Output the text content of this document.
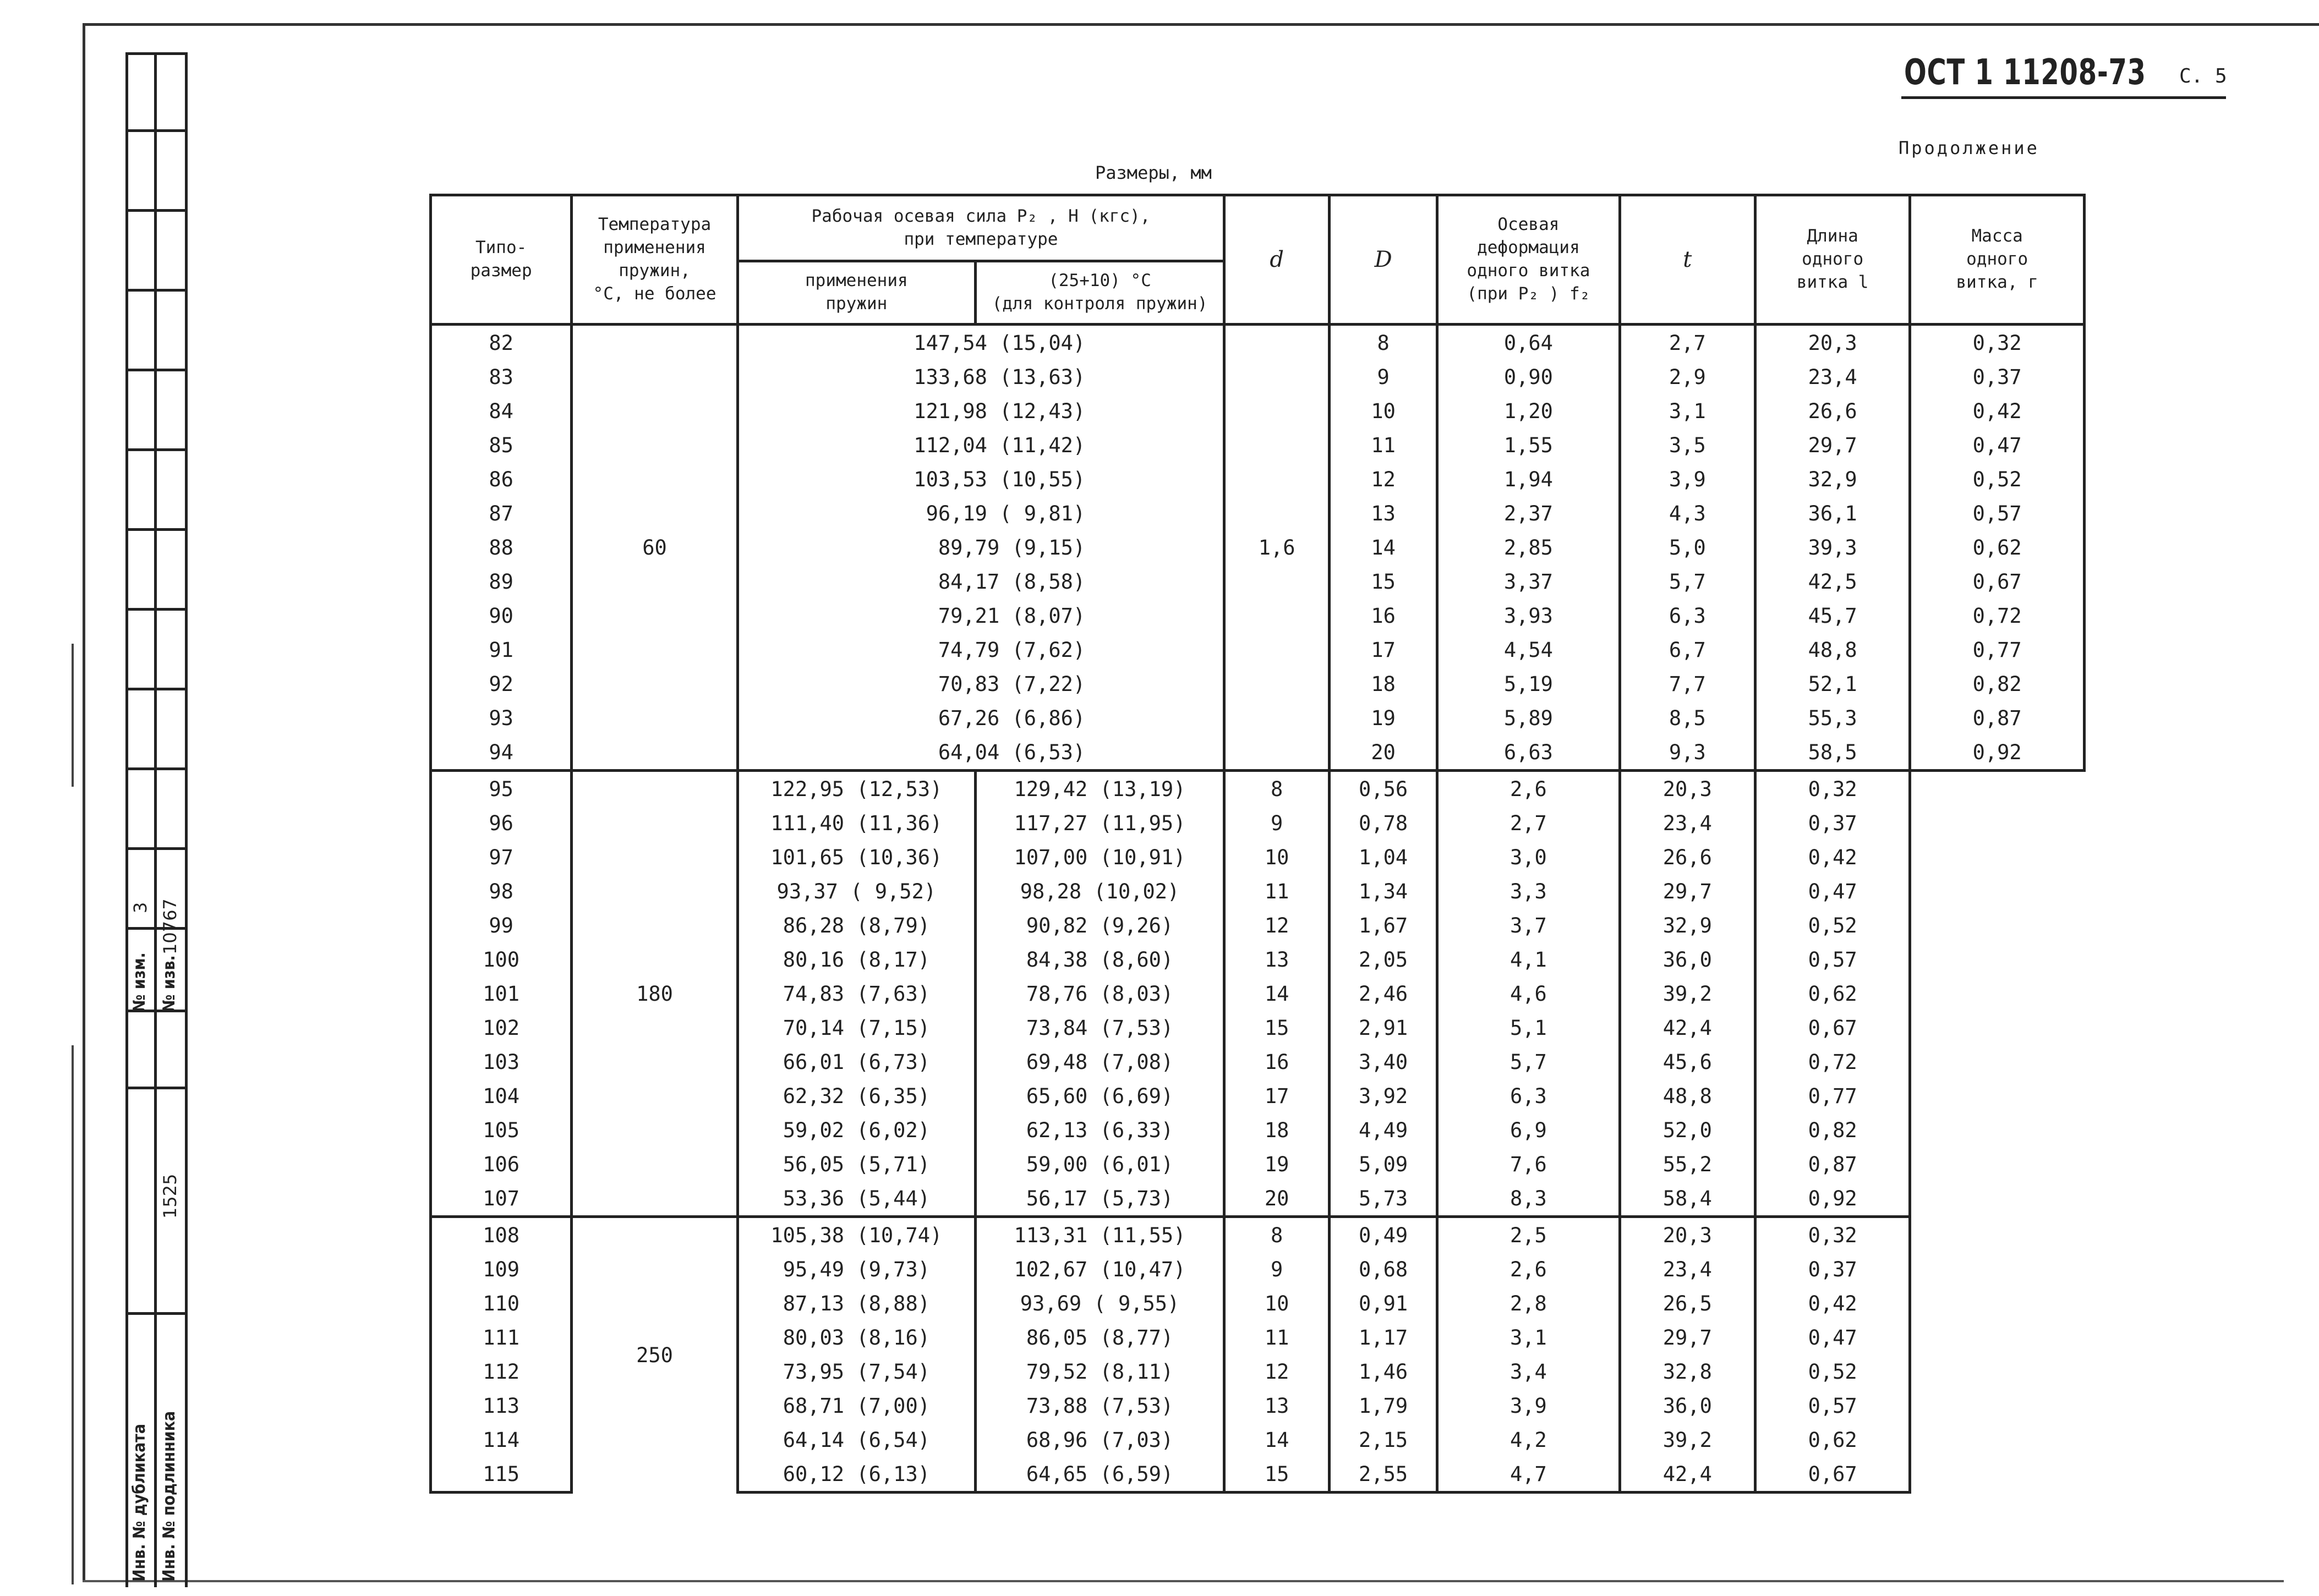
№ изм.
3
№ изв.
10767
1525
Инв. № дубликата Инв. № подлинника
ОСТ 1 11208-73 С. 5
Продолжение
Размеры, мм
Типо-
размер	Температура
применения
пружин,
°С, не более	Рабочая осевая сила P₂ , Н (кгс),
при температуре		d	D	Осевая
деформация
одного витка
(при P₂ ) f₂	t	Длина
одного
витка l	Масса
одного
витка, г
		применения
пружин	(25+10) °С
(для контроля пружин)						
82	60	147,54 (15,04)		1,6	8	0,64	2,7	20,3	0,32
83		133,68 (13,63)			9	0,90	2,9	23,4	0,37
84		121,98 (12,43)			10	1,20	3,1	26,6	0,42
85		112,04 (11,42)			11	1,55	3,5	29,7	0,47
86		103,53 (10,55)			12	1,94	3,9	32,9	0,52
87		96,19 ( 9,81)			13	2,37	4,3	36,1	0,57
88		89,79 (9,15)			14	2,85	5,0	39,3	0,62
89		84,17 (8,58)			15	3,37	5,7	42,5	0,67
90		79,21 (8,07)			16	3,93	6,3	45,7	0,72
91		74,79 (7,62)			17	4,54	6,7	48,8	0,77
92		70,83 (7,22)			18	5,19	7,7	52,1	0,82
93		67,26 (6,86)			19	5,89	8,5	55,3	0,87
94		64,04 (6,53)			20	6,63	9,3	58,5	0,92
95	180	122,95 (12,53)	129,42 (13,19)	8	0,56	2,6	20,3	0,32	
96		111,40 (11,36)	117,27 (11,95)	9	0,78	2,7	23,4	0,37	
97		101,65 (10,36)	107,00 (10,91)	10	1,04	3,0	26,6	0,42	
98		93,37 ( 9,52)	98,28 (10,02)	11	1,34	3,3	29,7	0,47	
99		86,28 (8,79)	90,82 (9,26)	12	1,67	3,7	32,9	0,52	
100		80,16 (8,17)	84,38 (8,60)	13	2,05	4,1	36,0	0,57	
101		74,83 (7,63)	78,76 (8,03)	14	2,46	4,6	39,2	0,62	
102		70,14 (7,15)	73,84 (7,53)	15	2,91	5,1	42,4	0,67	
103		66,01 (6,73)	69,48 (7,08)	16	3,40	5,7	45,6	0,72	
104		62,32 (6,35)	65,60 (6,69)	17	3,92	6,3	48,8	0,77	
105		59,02 (6,02)	62,13 (6,33)	18	4,49	6,9	52,0	0,82	
106		56,05 (5,71)	59,00 (6,01)	19	5,09	7,6	55,2	0,87	
107		53,36 (5,44)	56,17 (5,73)	20	5,73	8,3	58,4	0,92	
108	250	105,38 (10,74)	113,31 (11,55)	8	0,49	2,5	20,3	0,32	
109		95,49 (9,73)	102,67 (10,47)	9	0,68	2,6	23,4	0,37	
110		87,13 (8,88)	93,69 ( 9,55)	10	0,91	2,8	26,5	0,42	
111		80,03 (8,16)	86,05 (8,77)	11	1,17	3,1	29,7	0,47	
112		73,95 (7,54)	79,52 (8,11)	12	1,46	3,4	32,8	0,52	
113		68,71 (7,00)	73,88 (7,53)	13	1,79	3,9	36,0	0,57	
114		64,14 (6,54)	68,96 (7,03)	14	2,15	4,2	39,2	0,62	
115		60,12 (6,13)	64,65 (6,59)	15	2,55	4,7	42,4	0,67	
